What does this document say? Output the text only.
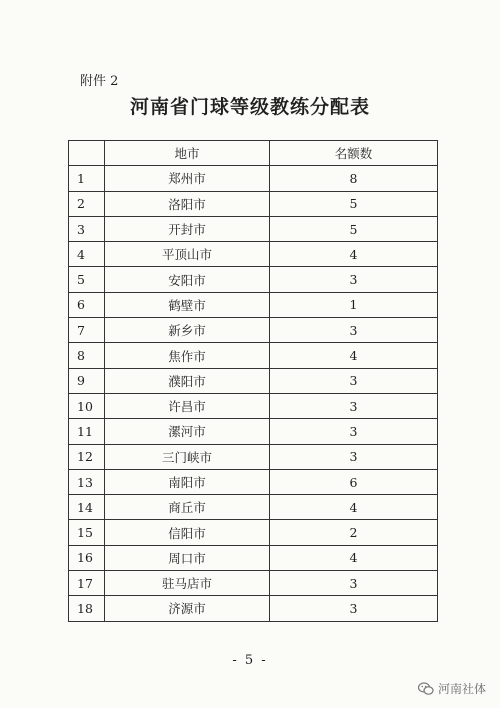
附件 2
河南省门球等级教练分配表
	地市	名额数
1	郑州市	8
2	洛阳市	5
3	开封市	5
4	平顶山市	4
5	安阳市	3
6	鹤壁市	1
7	新乡市	3
8	焦作市	4
9	濮阳市	3
10	许昌市	3
11	漯河市	3
12	三门峡市	3
13	南阳市	6
14	商丘市	4
15	信阳市	2
16	周口市	4
17	驻马店市	3
18	济源市	3
- 5 -
河南社体
